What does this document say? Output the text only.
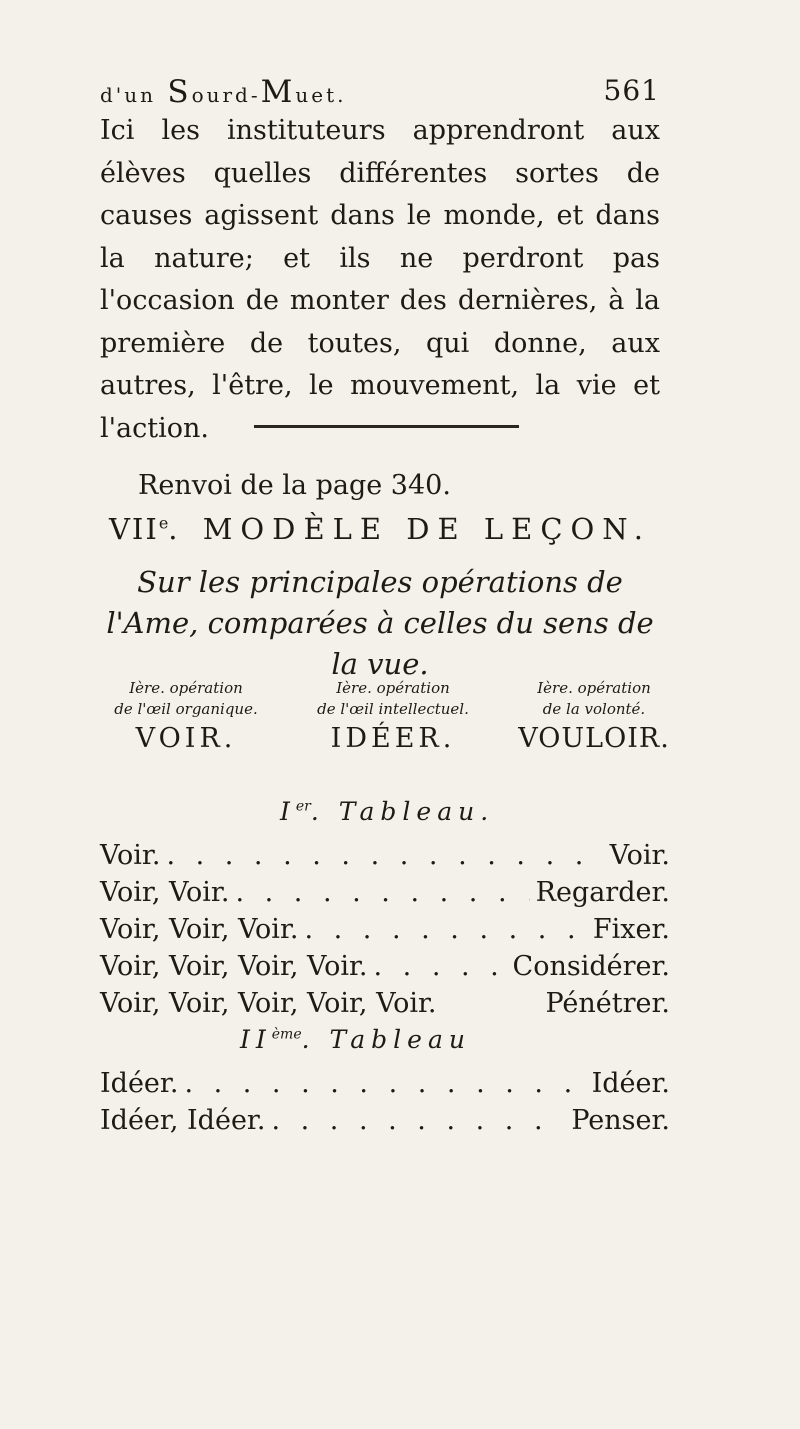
d'un Sourd-Muet.	561
Ici les instituteurs apprendront aux élèves quelles différentes sortes de causes agissent dans le monde, et dans la nature; et ils ne perdront pas l'occasion de monter des dernières, à la première de toutes, qui donne, aux autres, l'être, le mouvement, la vie et l'action.
Renvoi de la page 340.
VIIe. MODÈLE DE LEÇON.
Sur les principales opérations de l'Ame, comparées à celles du sens de la vue.
Ière. opération
de l'œil organique.
VOIR.
Ière. opération
de l'œil intellectuel.
IDÉER.
Ière. opération
de la volonté.
VOULOIR.
Ier. Tableau.
Voir. . . .	Voir.
Voir, Voir. . . .	Regarder.
Voir, Voir, Voir. . . .	Fixer.
Voir, Voir, Voir, Voir. . . .	Considérer.
Voir, Voir, Voir, Voir, Voir.	Pénétrer.
IIème. Tableau
Idéer. . . .	Idéer.
Idéer, Idéer. . . .	Penser.
